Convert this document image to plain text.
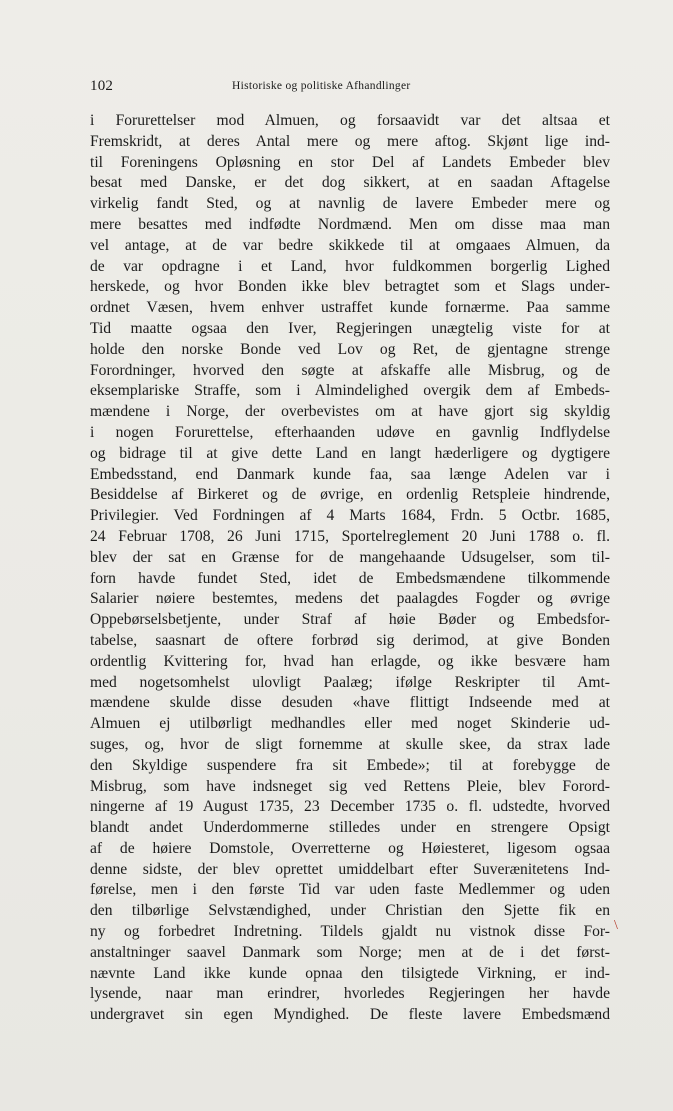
102	Historiske og politiske Afhandlinger
i Forurettelser mod Almuen, og forsaavidt var det altsaa et
Fremskridt, at deres Antal mere og mere aftog. Skjønt lige ind-
til Foreningens Opløsning en stor Del af Landets Embeder blev
besat med Danske, er det dog sikkert, at en saadan Aftagelse
virkelig fandt Sted, og at navnlig de lavere Embeder mere og
mere besattes med indfødte Nordmænd. Men om disse maa man
vel antage, at de var bedre skikkede til at omgaaes Almuen, da
de var opdragne i et Land, hvor fuldkommen borgerlig Lighed
herskede, og hvor Bonden ikke blev betragtet som et Slags under-
ordnet Væsen, hvem enhver ustraffet kunde fornærme. Paa samme
Tid maatte ogsaa den Iver, Regjeringen unægtelig viste for at
holde den norske Bonde ved Lov og Ret, de gjentagne strenge
Forordninger, hvorved den søgte at afskaffe alle Misbrug, og de
eksemplariske Straffe, som i Almindelighed overgik dem af Embeds-
mændene i Norge, der overbevistes om at have gjort sig skyldig
i nogen Forurettelse, efterhaanden udøve en gavnlig Indflydelse
og bidrage til at give dette Land en langt hæderligere og dygtigere
Embedsstand, end Danmark kunde faa, saa længe Adelen var i
Besiddelse af Birkeret og de øvrige, en ordenlig Retspleie hindrende,
Privilegier. Ved Fordningen af 4 Marts 1684, Frdn. 5 Octbr. 1685,
24 Februar 1708, 26 Juni 1715, Sportelreglement 20 Juni 1788 o. fl.
blev der sat en Grænse for de mangehaande Udsugelser, som til-
forn havde fundet Sted, idet de Embedsmændene tilkommende
Salarier nøiere bestemtes, medens det paalagdes Fogder og øvrige
Oppebørselsbetjente, under Straf af høie Bøder og Embedsfor-
tabelse, saasnart de oftere forbrød sig derimod, at give Bonden
ordentlig Kvittering for, hvad han erlagde, og ikke besvære ham
med nogetsomhelst ulovligt Paalæg; ifølge Reskripter til Amt-
mændene skulde disse desuden «have flittigt Indseende med at
Almuen ej utilbørligt medhandles eller med noget Skinderie ud-
suges, og, hvor de sligt fornemme at skulle skee, da strax lade
den Skyldige suspendere fra sit Embede»; til at forebygge de
Misbrug, som have indsneget sig ved Rettens Pleie, blev Forord-
ningerne af 19 August 1735, 23 December 1735 o. fl. udstedte, hvorved
blandt andet Underdommerne stilledes under en strengere Opsigt
af de høiere Domstole, Overretterne og Høiesteret, ligesom ogsaa
denne sidste, der blev oprettet umiddelbart efter Suverænitetens Ind-
førelse, men i den første Tid var uden faste Medlemmer og uden
den tilbørlige Selvstændighed, under Christian den Sjette fik en
ny og forbedret Indretning. Tildels gjaldt nu vistnok disse For-
anstaltninger saavel Danmark som Norge; men at de i det først-
nævnte Land ikke kunde opnaa den tilsigtede Virkning, er ind-
lysende, naar man erindrer, hvorledes Regjeringen her havde
undergravet sin egen Myndighed. De fleste lavere Embedsmænd
\
